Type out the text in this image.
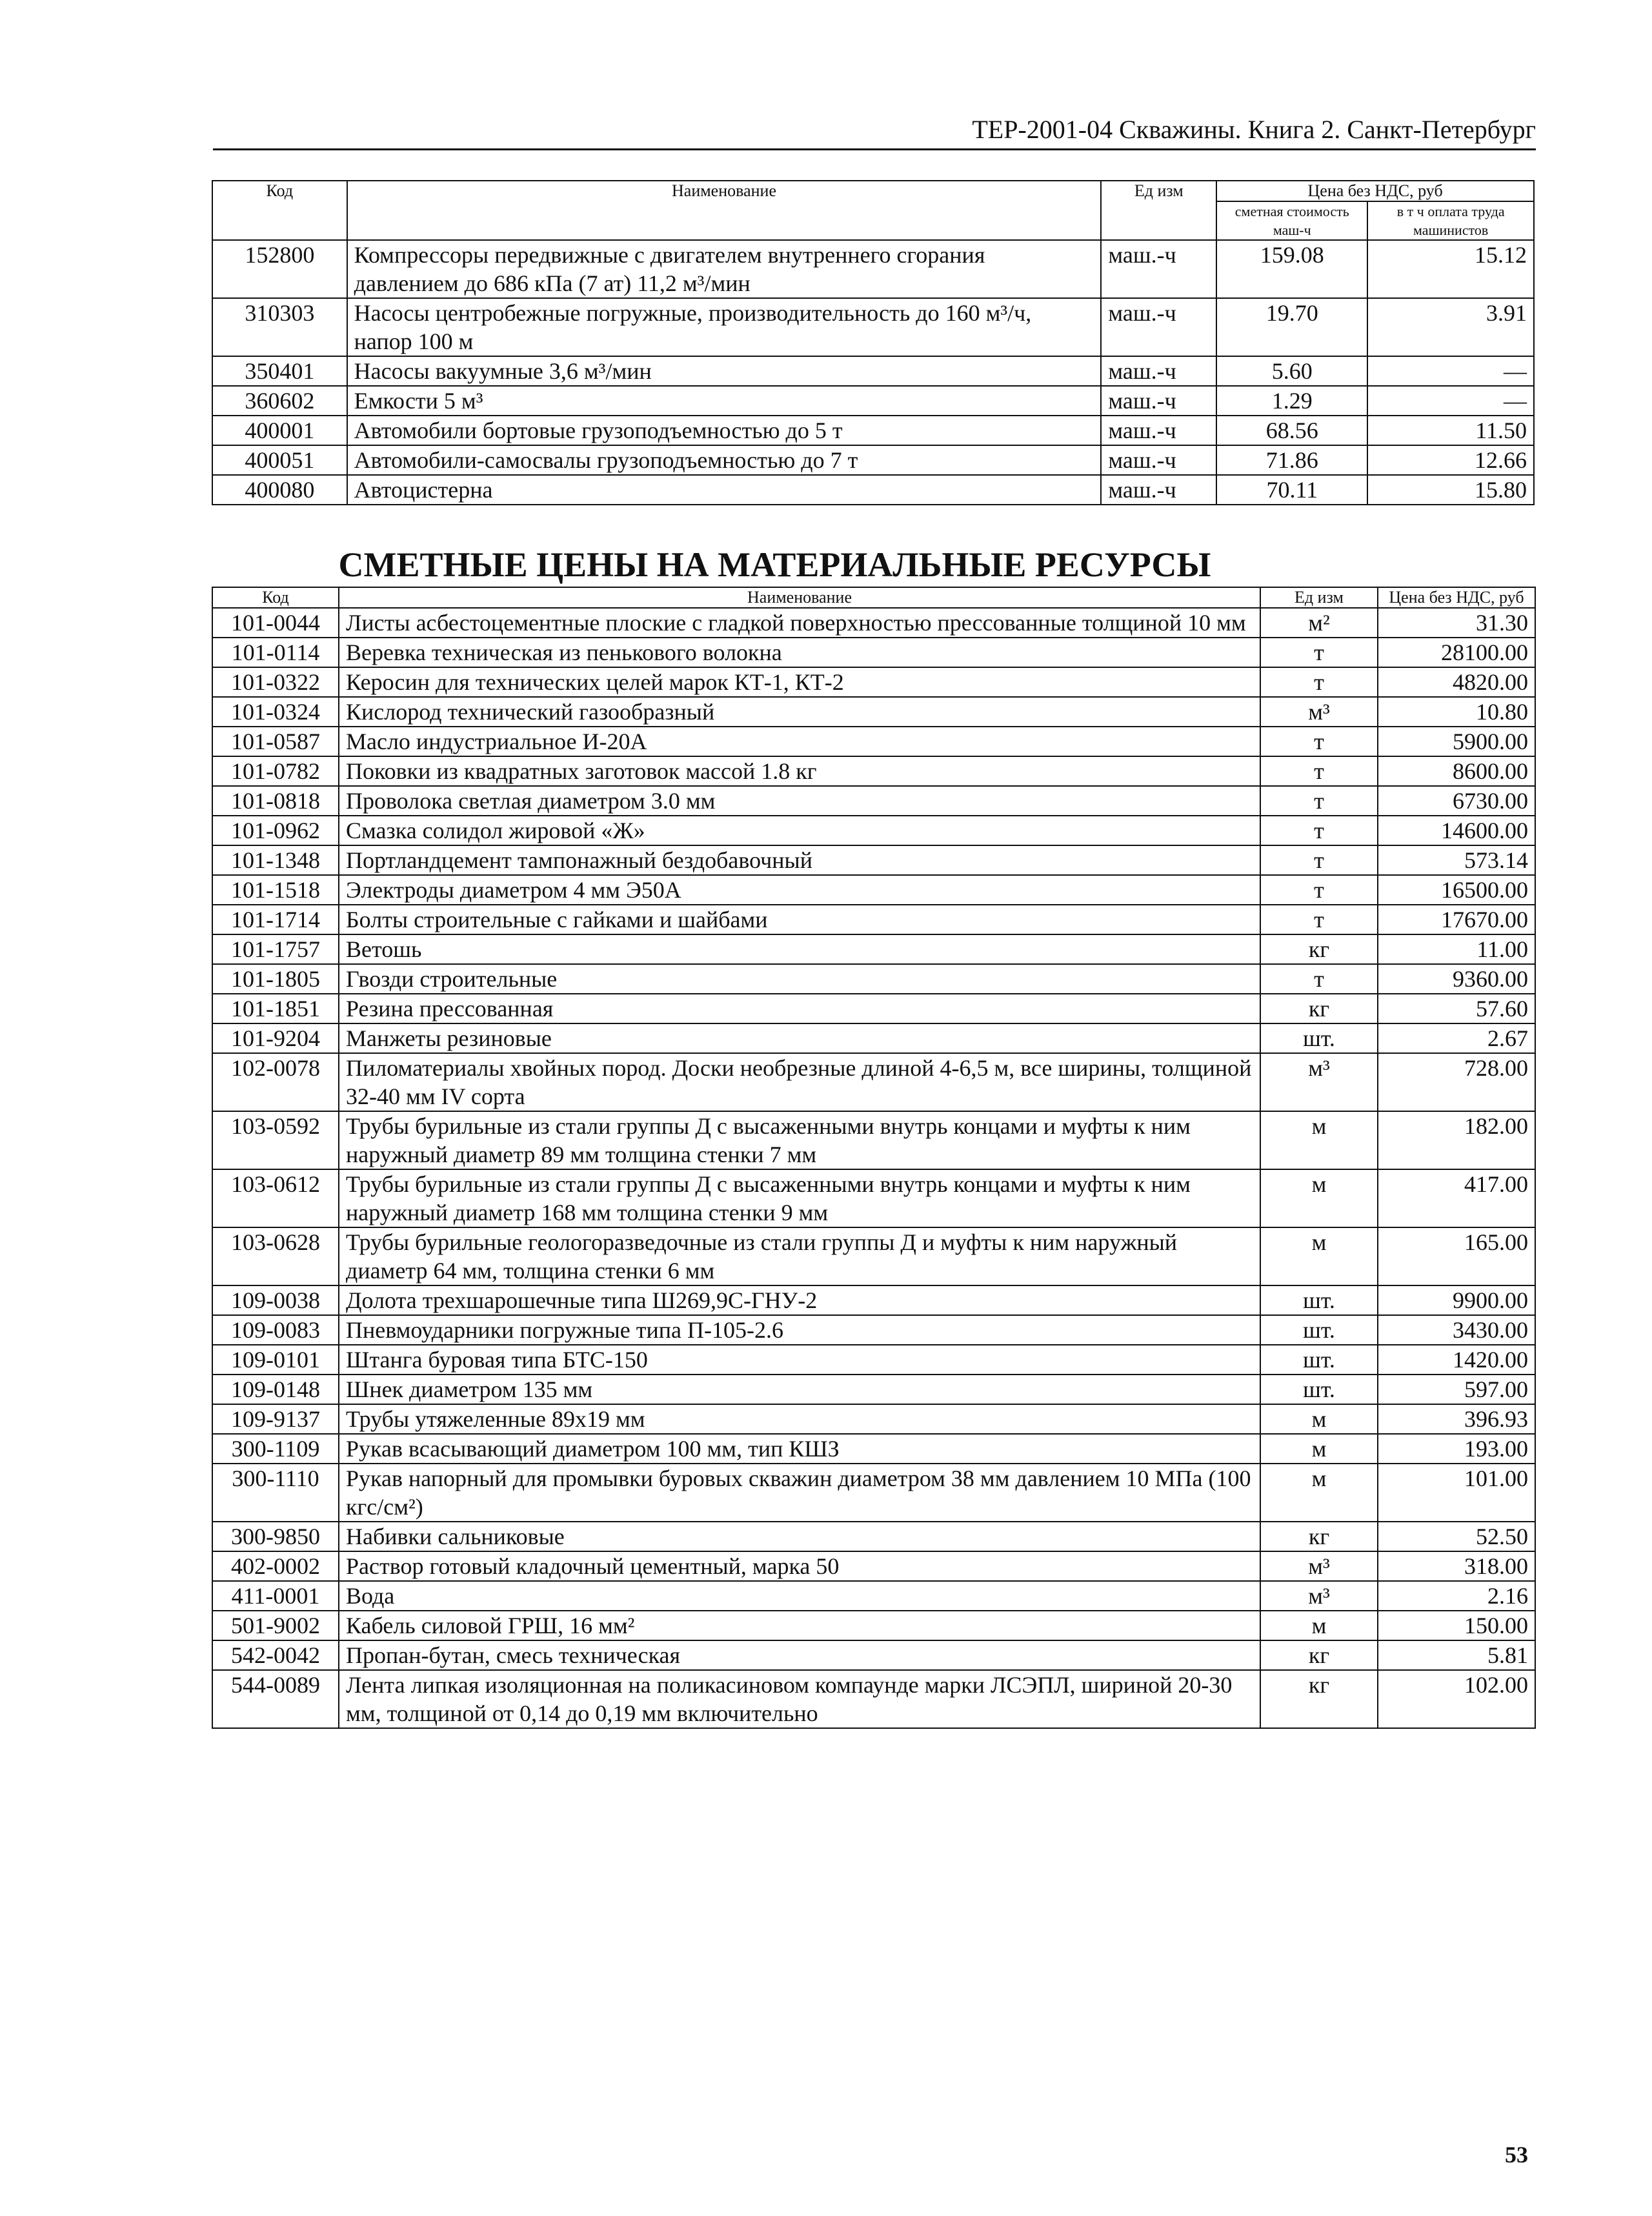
ТЕР-2001-04 Скважины. Книга 2. Санкт-Петербург
Код	Наименование	Ед изм	Цена без НДС, руб	
			сметная стоимость маш-ч	в т ч оплата труда машинистов
152800	Компрессоры передвижные с двигателем внутреннего сгорания давлением до 686 кПа (7 ат) 11,2 м³/мин	маш.-ч	159.08	15.12
310303	Насосы центробежные погружные, производительность до 160 м³/ч, напор 100 м	маш.-ч	19.70	3.91
350401	Насосы вакуумные 3,6 м³/мин	маш.-ч	5.60	—
360602	Емкости 5 м³	маш.-ч	1.29	—
400001	Автомобили бортовые грузоподъемностью до 5 т	маш.-ч	68.56	11.50
400051	Автомобили-самосвалы грузоподъемностью до 7 т	маш.-ч	71.86	12.66
400080	Автоцистерна	маш.-ч	70.11	15.80
СМЕТНЫЕ ЦЕНЫ НА МАТЕРИАЛЬНЫЕ РЕСУРСЫ
Код	Наименование	Ед изм	Цена без НДС, руб
101-0044	Листы асбестоцементные плоские с гладкой поверхностью прессованные толщиной 10 мм	м²	31.30
101-0114	Веревка техническая из пенькового волокна	т	28100.00
101-0322	Керосин для технических целей марок КТ-1, КТ-2	т	4820.00
101-0324	Кислород технический газообразный	м³	10.80
101-0587	Масло индустриальное И-20А	т	5900.00
101-0782	Поковки из квадратных заготовок массой 1.8 кг	т	8600.00
101-0818	Проволока светлая диаметром 3.0 мм	т	6730.00
101-0962	Смазка солидол жировой «Ж»	т	14600.00
101-1348	Портландцемент тампонажный бездобавочный	т	573.14
101-1518	Электроды диаметром 4 мм Э50А	т	16500.00
101-1714	Болты строительные с гайками и шайбами	т	17670.00
101-1757	Ветошь	кг	11.00
101-1805	Гвозди строительные	т	9360.00
101-1851	Резина прессованная	кг	57.60
101-9204	Манжеты резиновые	шт.	2.67
102-0078	Пиломатериалы хвойных пород. Доски необрезные длиной 4-6,5 м, все ширины, толщиной 32-40 мм IV сорта	м³	728.00
103-0592	Трубы бурильные из стали группы Д с высаженными внутрь концами и муфты к ним наружный диаметр 89 мм толщина стенки 7 мм	м	182.00
103-0612	Трубы бурильные из стали группы Д с высаженными внутрь концами и муфты к ним наружный диаметр 168 мм толщина стенки 9 мм	м	417.00
103-0628	Трубы бурильные геологоразведочные из стали группы Д и муфты к ним наружный диаметр 64 мм, толщина стенки 6 мм	м	165.00
109-0038	Долота трехшарошечные типа Ш269,9С-ГНУ-2	шт.	9900.00
109-0083	Пневмоударники погружные типа П-105-2.6	шт.	3430.00
109-0101	Штанга буровая типа БТС-150	шт.	1420.00
109-0148	Шнек диаметром 135 мм	шт.	597.00
109-9137	Трубы утяжеленные 89х19 мм	м	396.93
300-1109	Рукав всасывающий диаметром 100 мм, тип КШЗ	м	193.00
300-1110	Рукав напорный для промывки буровых скважин диаметром 38 мм давлением 10 МПа (100 кгс/см²)	м	101.00
300-9850	Набивки сальниковые	кг	52.50
402-0002	Раствор готовый кладочный цементный, марка 50	м³	318.00
411-0001	Вода	м³	2.16
501-9002	Кабель силовой ГРШ, 16 мм²	м	150.00
542-0042	Пропан-бутан, смесь техническая	кг	5.81
544-0089	Лента липкая изоляционная на поликасиновом компаунде марки ЛСЭПЛ, шириной 20-30 мм, толщиной от 0,14 до 0,19 мм включительно	кг	102.00
53
